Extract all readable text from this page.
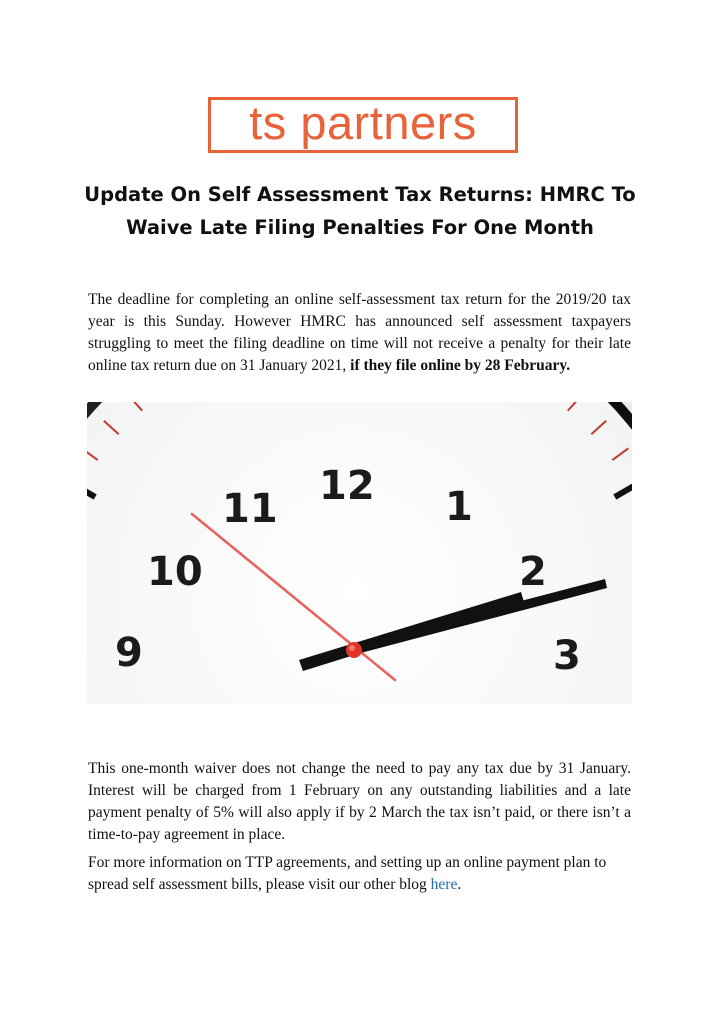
ts partners
Update On Self Assessment Tax Returns: HMRC To
Waive Late Filing Penalties For One Month

The deadline for completing an online self-assessment tax return for the 2019/20 tax year is this Sunday. However HMRC has announced self assessment taxpayers struggling to meet the filing deadline on time will not receive a penalty for their late online tax return due on 31 January 2021, if they file online by 28 February.

12 1
2
3
9
10
11

This one-month waiver does not change the need to pay any tax due by 31 January. Interest will be charged from 1 February on any outstanding liabilities and a late payment penalty of 5% will also apply if by 2 March the tax isn’t paid, or there isn’t a time-to-pay agreement in place.

For more information on TTP agreements, and setting up an online payment plan to spread self assessment bills, please visit our other blog here.
